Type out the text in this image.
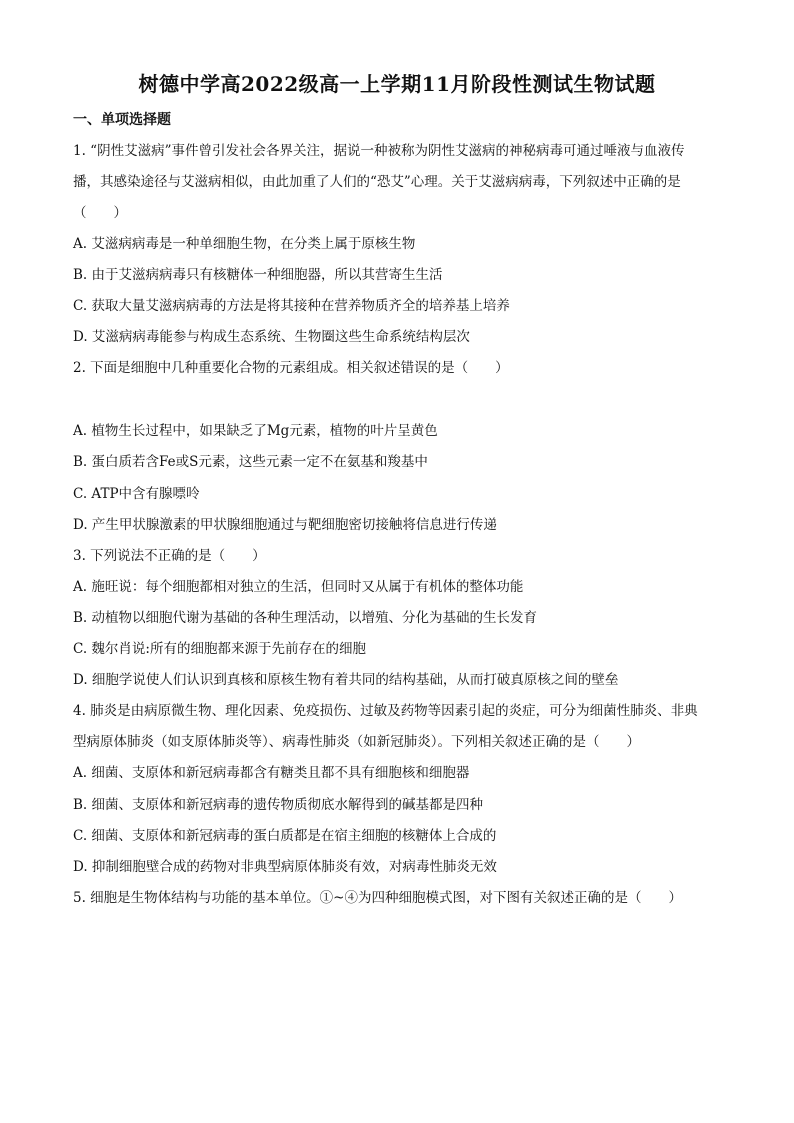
树德中学高2022级高一上学期11月阶段性测试生物试题
一、单项选择题
1. “阴性艾滋病”事件曾引发社会各界关注，据说一种被称为阴性艾滋病的神秘病毒可通过唾液与血液传
播，其感染途径与艾滋病相似，由此加重了人们的“恐艾”心理。关于艾滋病病毒，下列叙述中正确的是
（　　）
A. 艾滋病病毒是一种单细胞生物，在分类上属于原核生物
B. 由于艾滋病病毒只有核糖体一种细胞器，所以其营寄生生活
C. 获取大量艾滋病病毒的方法是将其接种在营养物质齐全的培养基上培养
D. 艾滋病病毒能参与构成生态系统、生物圈这些生命系统结构层次
2. 下面是细胞中几种重要化合物的元素组成。相关叙述错误的是（　　）
A. 植物生长过程中，如果缺乏了Mg元素，植物的叶片呈黄色
B. 蛋白质若含Fe或S元素，这些元素一定不在氨基和羧基中
C. ATP中含有腺嘌呤
D. 产生甲状腺激素的甲状腺细胞通过与靶细胞密切接触将信息进行传递
3. 下列说法不正确的是（　　）
A. 施旺说：每个细胞都相对独立的生活，但同时又从属于有机体的整体功能
B. 动植物以细胞代谢为基础的各种生理活动，以增殖、分化为基础的生长发育
C. 魏尔肖说:所有的细胞都来源于先前存在的细胞
D. 细胞学说使人们认识到真核和原核生物有着共同的结构基础，从而打破真原核之间的壁垒
4. 肺炎是由病原微生物、理化因素、免疫损伤、过敏及药物等因素引起的炎症，可分为细菌性肺炎、非典
型病原体肺炎（如支原体肺炎等）、病毒性肺炎（如新冠肺炎）。下列相关叙述正确的是（　　）
A. 细菌、支原体和新冠病毒都含有糖类且都不具有细胞核和细胞器
B. 细菌、支原体和新冠病毒的遗传物质彻底水解得到的碱基都是四种
C. 细菌、支原体和新冠病毒的蛋白质都是在宿主细胞的核糖体上合成的
D. 抑制细胞壁合成的药物对非典型病原体肺炎有效，对病毒性肺炎无效
5. 细胞是生物体结构与功能的基本单位。①~④为四种细胞模式图，对下图有关叙述正确的是（　　）
